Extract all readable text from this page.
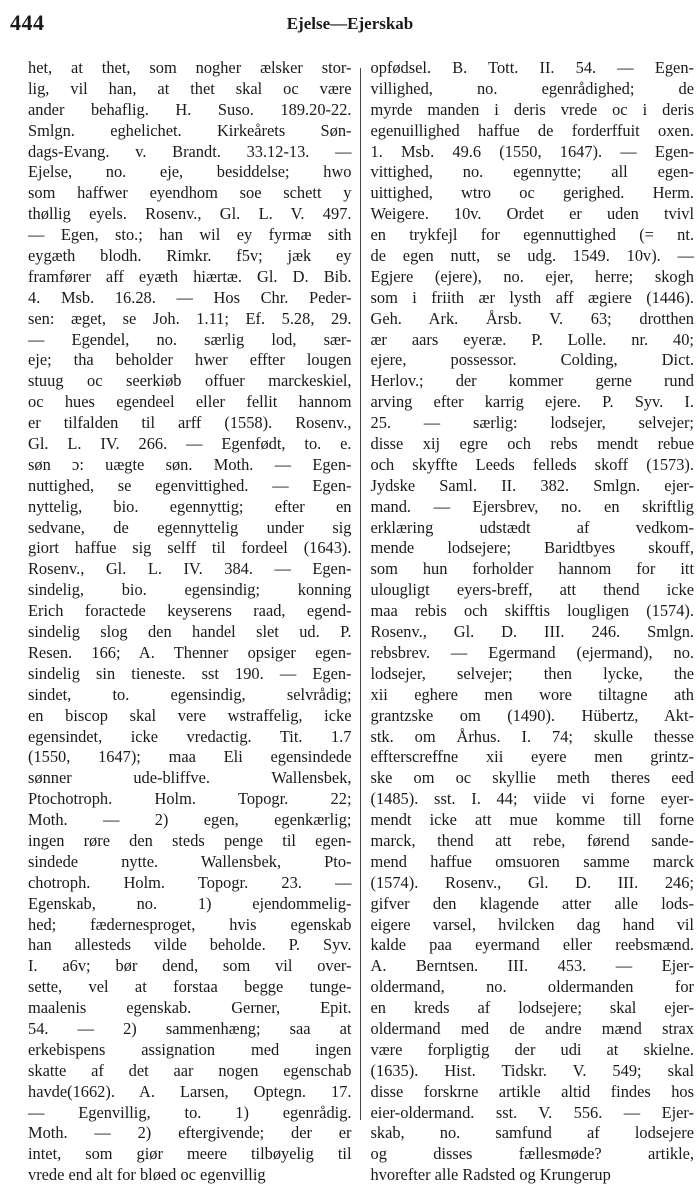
444	Ejelse—Ejerskab
het, at thet, som nogher ælsker stor-
lig, vil han, at thet skal oc være
ander behaflig. H. Suso. 189.20-22.
Smlgn. eghelichet. Kirkeårets Søn-
dags-Evang. v. Brandt. 33.12-13. —
Ejelse, no. eje, besiddelse; hwo
som haffwer eyendhom soe schett y
thøllig eyels. Rosenv., Gl. L. V. 497.
— Egen, sto.; han wil ey fyrmæ sith
eygæth blodh. Rimkr. f5v; jæk ey
framfører aff eyæth hiærtæ. Gl. D. Bib.
4. Msb. 16.28. — Hos Chr. Peder-
sen: æget, se Joh. 1.11; Ef. 5.28, 29.
— Egendel, no. særlig lod, sær-
eje; tha beholder hwer effter lougen
stuug oc seerkiøb offuer marckeskiel,
oc hues egendeel eller fellit hannom
er tilfalden til arff (1558). Rosenv.,
Gl. L. IV. 266. — Egenfødt, to. e.
søn ɔ: uægte søn. Moth. — Egen-
nuttighed, se egenvittighed. — Egen-
nyttelig, bio. egennyttig; efter en
sedvane, de egennyttelig under sig
giort haffue sig selff til fordeel (1643).
Rosenv., Gl. L. IV. 384. — Egen-
sindelig, bio. egensindig; konning
Erich foractede keyserens raad, egend-
sindelig slog den handel slet ud. P.
Resen. 166; A. Thenner opsiger egen-
sindelig sin tieneste. sst 190. — Egen-
sindet, to. egensindig, selvrådig;
en biscop skal vere wstraffelig, icke
egensindet, icke vredactig. Tit. 1.7
(1550, 1647); maa Eli egensindede
sønner ude-bliffve. Wallensbek,
Ptochotroph. Holm. Topogr. 22;
Moth. — 2) egen, egenkærlig;
ingen røre den steds penge til egen-
sindede nytte. Wallensbek, Pto-
chotroph. Holm. Topogr. 23. —
Egenskab, no. 1) ejendommelig-
hed; fædernesproget, hvis egenskab
han allesteds vilde beholde. P. Syv.
I. a6v; bør dend, som vil over-
sette, vel at forstaa begge tunge-
maalenis egenskab. Gerner, Epit.
54. — 2) sammenhæng; saa at
erkebispens assignation med ingen
skatte af det aar nogen egenschab
havde(1662). A. Larsen, Optegn. 17.
— Egenvillig, to. 1) egenrådig.
Moth. — 2) eftergivende; der er
intet, som giør meere tilbøyelig til
vrede end alt for bløed oc egenvillig
opfødsel. B. Tott. II. 54. — Egen-
villighed, no. egenrådighed; de
myrde manden i deris vrede oc i deris
egenuillighed haffue de forderffuit oxen.
1. Msb. 49.6 (1550, 1647). — Egen-
vittighed, no. egennytte; all egen-
uittighed, wtro oc gerighed. Herm.
Weigere. 10v. Ordet er uden tvivl
en trykfejl for egennuttighed (= nt.
de egen nutt, se udg. 1549. 10v). —
Egjere (ejere), no. ejer, herre; skogh
som i friith ær lysth aff ægiere (1446).
Geh. Ark. Årsb. V. 63; drotthen
ær aars eyeræ. P. Lolle. nr. 40;
ejere, possessor. Colding, Dict.
Herlov.; der kommer gerne rund
arving efter karrig ejere. P. Syv. I.
25. — særlig: lodsejer, selvejer;
disse xij egre och rebs mendt rebue
och skyffte Leeds felleds skoff (1573).
Jydske Saml. II. 382. Smlgn. ejer-
mand. — Ejersbrev, no. en skriftlig
erklæring udstædt af vedkom-
mende lodsejere; Baridtbyes skouff,
som hun forholder hannom for itt
ulougligt eyers-breff, att thend icke
maa rebis och skifftis lougligen (1574).
Rosenv., Gl. D. III. 246. Smlgn.
rebsbrev. — Egermand (ejermand), no.
lodsejer, selvejer; then lycke, the
xii eghere men wore tiltagne ath
grantzske om (1490). Hübertz, Akt-
stk. om Århus. I. 74; skulle thesse
effterscreffne xii eyere men grintz-
ske om oc skyllie meth theres eed
(1485). sst. I. 44; viide vi forne eyer-
mendt icke att mue komme till forne
marck, thend att rebe, førend sande-
mend haffue omsuoren samme marck
(1574). Rosenv., Gl. D. III. 246;
gifver den klagende atter alle lods-
eigere varsel, hvilcken dag hand vil
kalde paa eyermand eller reebsmænd.
A. Berntsen. III. 453. — Ejer-
oldermand, no. oldermanden for
en kreds af lodsejere; skal ejer-
oldermand med de andre mænd strax
være forpligtig der udi at skielne.
(1635). Hist. Tidskr. V. 549; skal
disse forskrne artikle altid findes hos
eier-oldermand. sst. V. 556. — Ejer-
skab, no. samfund af lodsejere
og disses fællesmøde? artikle,
hvorefter alle Radsted og Krungerup
